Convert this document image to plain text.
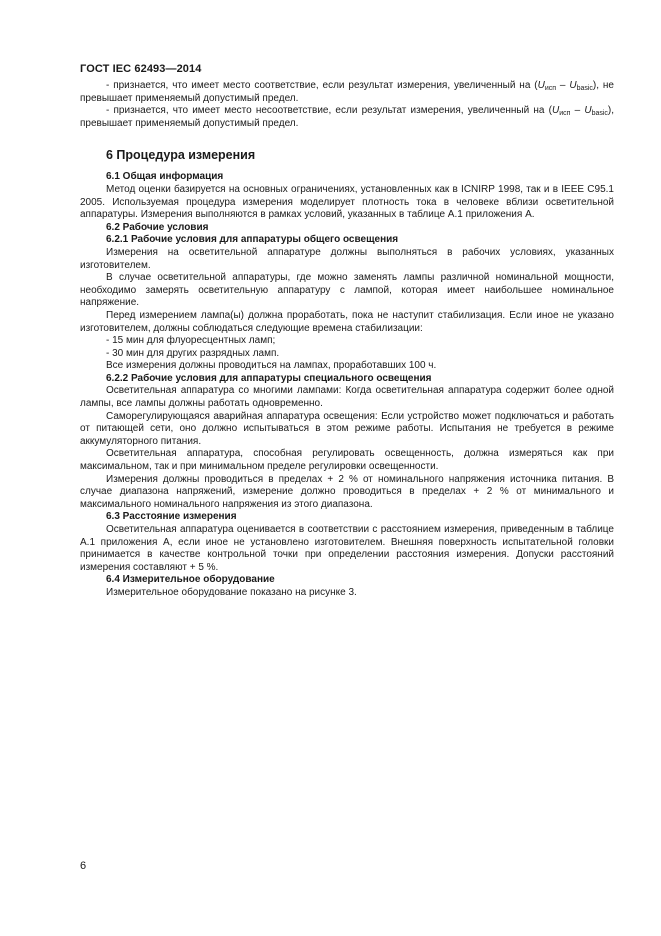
ГОСТ IEC 62493—2014

- признается, что имеет место соответствие, если результат измерения, увеличенный на $(U_{исп} - U_{basic})$, не превышает применяемый допустимый предел.

- признается, что имеет место несоответствие, если результат измерения, увеличенный на $(U_{исп} - U_{basic})$, превышает применяемый допустимый предел.

6 Процедура измерения

6.1 Общая информация

Метод оценки базируется на основных ограничениях, установленных как в ICNIRP 1998, так и в IEEE C95.1 2005. Используемая процедура измерения моделирует плотность тока в человеке вблизи осветительной аппаратуры. Измерения выполняются в рамках условий, указанных в таблице А.1 приложения А.

6.2 Рабочие условия

6.2.1 Рабочие условия для аппаратуры общего освещения

Измерения на осветительной аппаратуре должны выполняться в рабочих условиях, указанных изготовителем.

В случае осветительной аппаратуры, где можно заменять лампы различной номинальной мощности, необходимо замерять осветительную аппаратуру с лампой, которая имеет наибольшее номинальное напряжение.

Перед измерением лампа(ы) должна проработать, пока не наступит стабилизация. Если иное не указано изготовителем, должны соблюдаться следующие времена стабилизации:

- 15 мин для флуоресцентных ламп;

- 30 мин для других разрядных ламп.

Все измерения должны проводиться на лампах, проработавших 100 ч.

6.2.2 Рабочие условия для аппаратуры специального освещения

Осветительная аппаратура со многими лампами: Когда осветительная аппаратура содержит более одной лампы, все лампы должны работать одновременно.

Саморегулирующаяся аварийная аппаратура освещения: Если устройство может подключаться и работать от питающей сети, оно должно испытываться в этом режиме работы. Испытания не требуется в режиме аккумуляторного питания.

Осветительная аппаратура, способная регулировать освещенность, должна измеряться как при максимальном, так и при минимальном пределе регулировки освещенности.

Измерения должны проводиться в пределах + 2 % от номинального напряжения источника питания. В случае диапазона напряжений, измерение должно проводиться в пределах + 2 % от минимального и максимального номинального напряжения из этого диапазона.

6.3 Расстояние измерения

Осветительная аппаратура оценивается в соответствии с расстоянием измерения, приведенным в таблице А.1 приложения А, если иное не установлено изготовителем. Внешняя поверхность испытательной головки принимается в качестве контрольной точки при определении расстояния измерения. Допуски расстояний измерения составляют + 5 %.

6.4 Измерительное оборудование

Измерительное оборудование показано на рисунке 3.

6
